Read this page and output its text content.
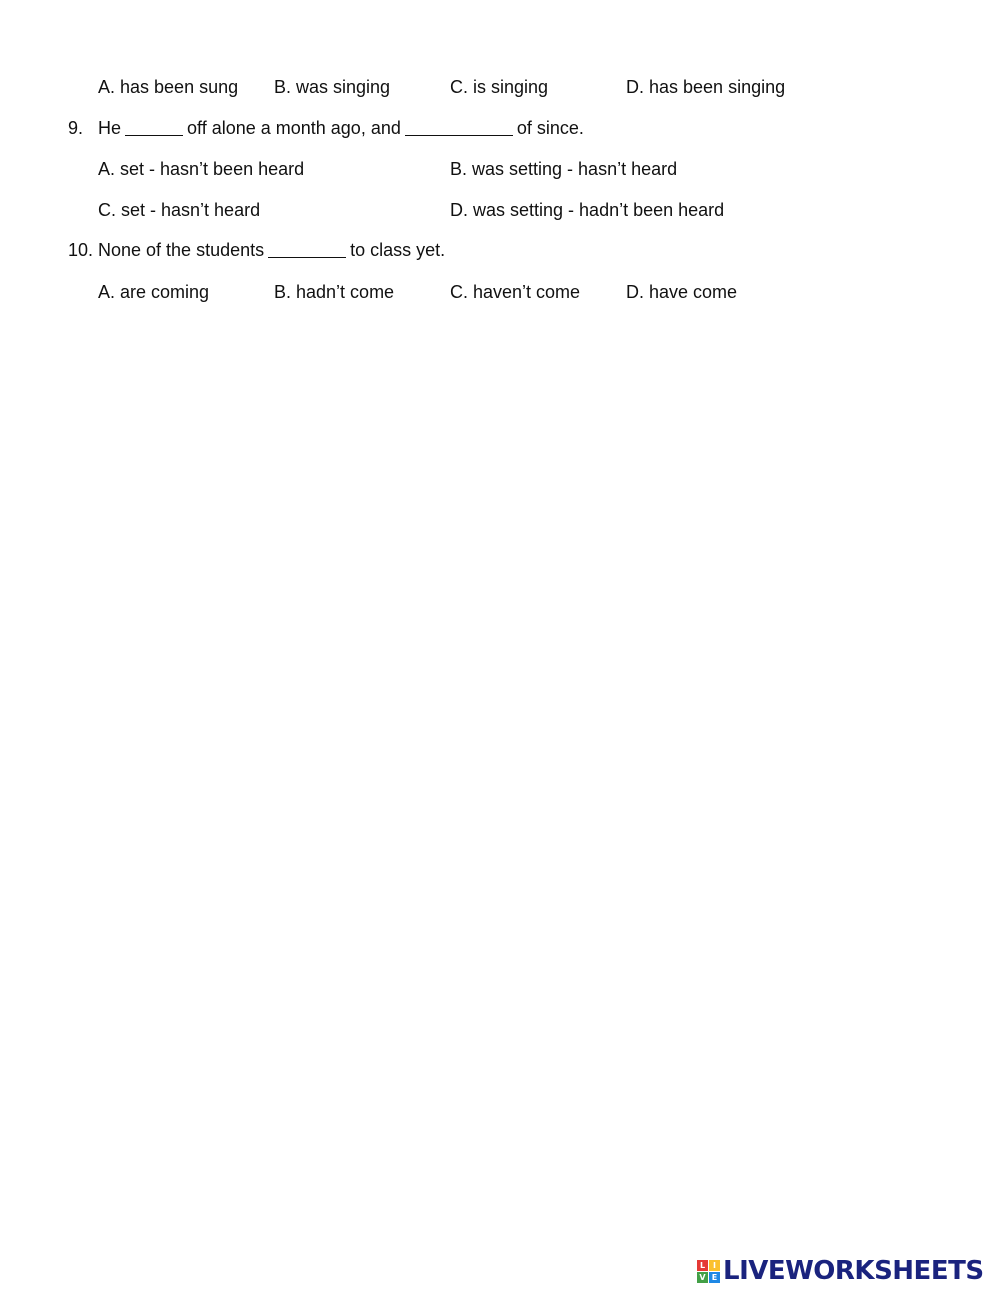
A. has been sung B. was singing	C. is singing	D. has been singing
9. He	off alone a month ago, and	of since.
A. set - hasn’t been heard	B. was setting - hasn’t heard
C. set - hasn’t heard	D. was setting - hadn’t been heard
10. None of the students	to class yet.
A. are coming	B. hadn’t come	C. haven’t come	D. have come
L I
V E LIVEWORKSHEETS
